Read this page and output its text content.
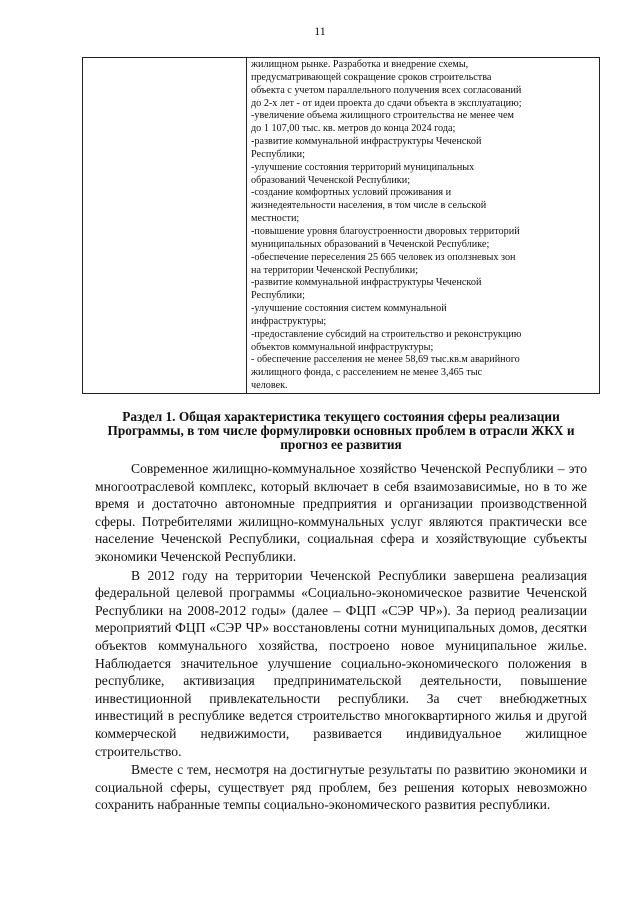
11

жилищном рынке. Разработка и внедрение схемы,
предусматривающей сокращение сроков строительства
объекта с учетом параллельного получения всех согласований
до 2-х лет - от идеи проекта до сдачи объекта в эксплуатацию;
-увеличение объема жилищного строительства не менее чем
до 1 107,00 тыс. кв. метров до конца 2024 года;
-развитие коммунальной инфраструктуры Чеченской
Республики;
-улучшение состояния территорий муниципальных
образований Чеченской Республики;
-создание комфортных условий проживания и
жизнедеятельности населения, в том числе в сельской
местности;
-повышение уровня благоустроенности дворовых территорий
муниципальных образований в Чеченской Республике;
-обеспечение переселения 25 665 человек из оползневых зон
на территории Чеченской Республики;
-развитие коммунальной инфраструктуры Чеченской
Республики;
-улучшение состояния систем коммунальной
инфраструктуры;
-предоставление субсидий на строительство и реконструкцию
объектов коммунальной инфраструктуры;
- обеспечение расселения не менее 58,69 тыс.кв.м аварийного
жилищного фонда, с расселением не менее 3,465 тыс
человек.
Раздел 1. Общая характеристика текущего состояния сферы реализации Программы, в том числе формулировки основных проблем в отрасли ЖКХ и прогноз ее развития

Современное жилищно-коммунальное хозяйство Чеченской Республики – это многоотраслевой комплекс, который включает в себя взаимозависимые, но в то же время и достаточно автономные предприятия и организации производственной сферы. Потребителями жилищно-коммунальных услуг являются практически все население Чеченской Республики, социальная сфера и хозяйствующие субъекты экономики Чеченской Республики.

В 2012 году на территории Чеченской Республики завершена реализация федеральной целевой программы «Социально-экономическое развитие Чеченской Республики на 2008-2012 годы» (далее – ФЦП «СЭР ЧР»). За период реализации мероприятий ФЦП «СЭР ЧР» восстановлены сотни муниципальных домов, десятки объектов коммунального хозяйства, построено новое муниципальное жилье. Наблюдается значительное улучшение социально-экономического положения в республике, активизация предпринимательской деятельности, повышение инвестиционной привлекательности республики. За счет внебюджетных инвестиций в республике ведется строительство многоквартирного жилья и другой коммерческой недвижимости, развивается индивидуальное жилищное строительство.

Вместе с тем, несмотря на достигнутые результаты по развитию экономики и социальной сферы, существует ряд проблем, без решения которых невозможно сохранить набранные темпы социально-экономического развития республики.
